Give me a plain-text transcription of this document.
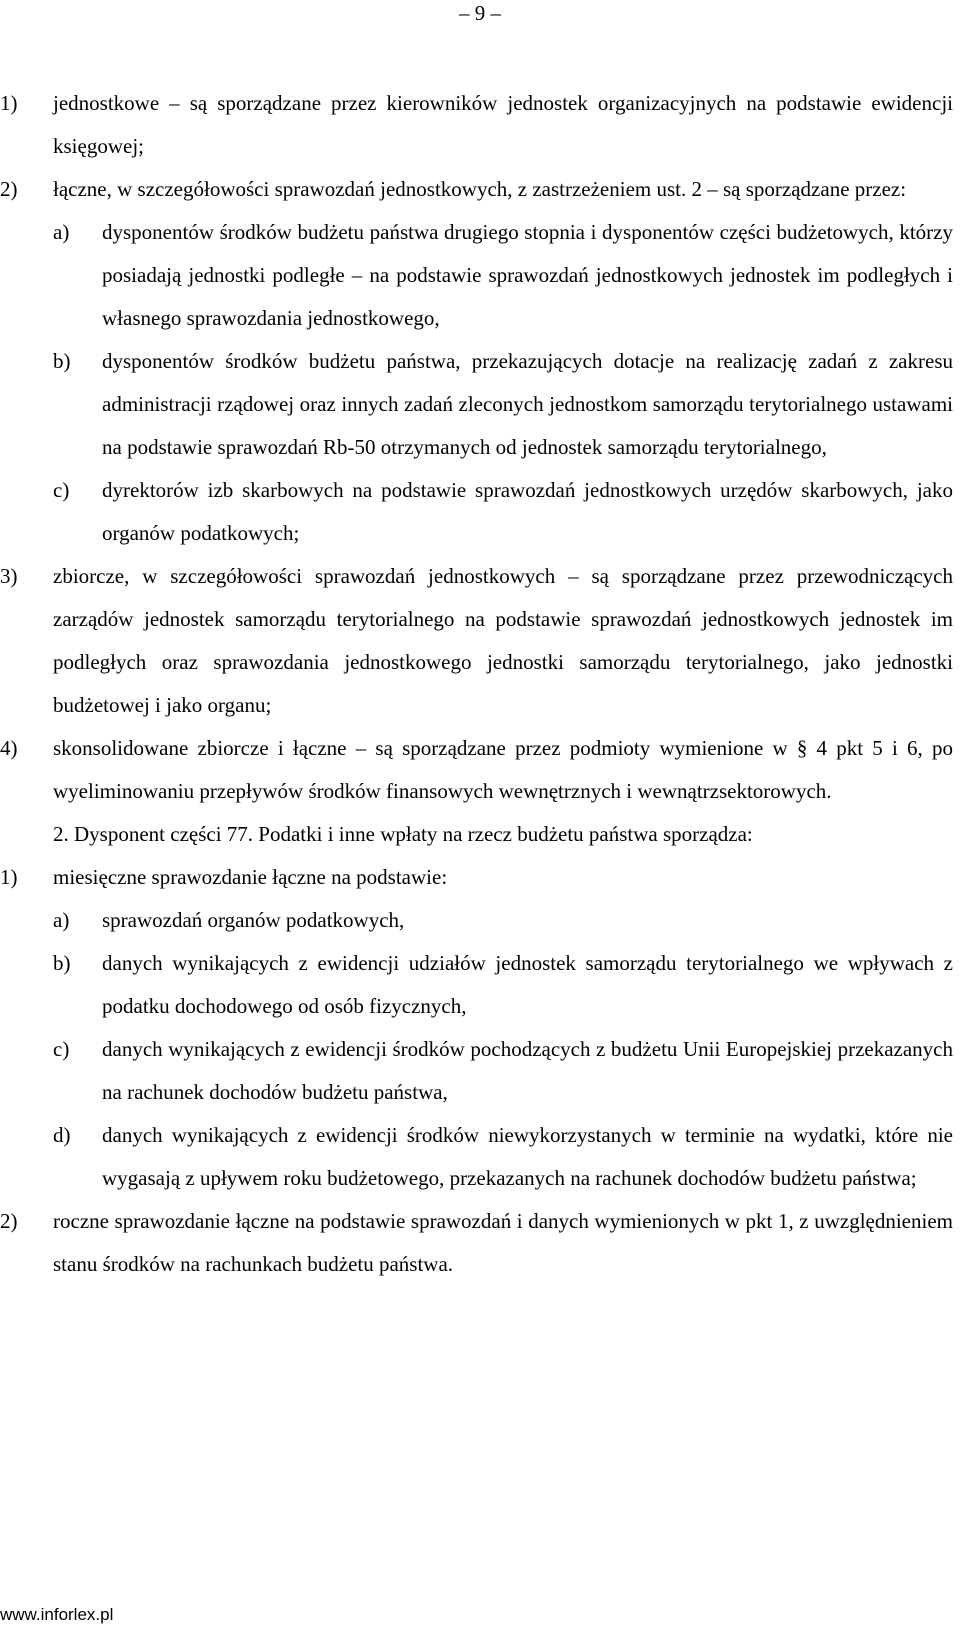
– 9 –
1) jednostkowe – są sporządzane przez kierowników jednostek organizacyjnych na podstawie ewidencji księgowej;
2) łączne, w szczegółowości sprawozdań jednostkowych, z zastrzeżeniem ust. 2 – są sporządzane przez:
a) dysponentów środków budżetu państwa drugiego stopnia i dysponentów części budżetowych, którzy posiadają jednostki podległe – na podstawie sprawozdań jednostkowych jednostek im podległych i własnego sprawozdania jednostkowego,
b) dysponentów środków budżetu państwa, przekazujących dotacje na realizację zadań z zakresu administracji rządowej oraz innych zadań zleconych jednostkom samorządu terytorialnego ustawami na podstawie sprawozdań Rb-50 otrzymanych od jednostek samorządu terytorialnego,
c) dyrektorów izb skarbowych na podstawie sprawozdań jednostkowych urzędów skarbowych, jako organów podatkowych;
3) zbiorcze, w szczegółowości sprawozdań jednostkowych – są sporządzane przez przewodniczących zarządów jednostek samorządu terytorialnego na podstawie sprawozdań jednostkowych jednostek im podległych oraz sprawozdania jednostkowego jednostki samorządu terytorialnego, jako jednostki budżetowej i jako organu;
4) skonsolidowane zbiorcze i łączne – są sporządzane przez podmioty wymienione w § 4 pkt 5 i 6, po wyeliminowaniu przepływów środków finansowych wewnętrznych i wewnątrzsektorowych.
2. Dysponent części 77. Podatki i inne wpłaty na rzecz budżetu państwa sporządza:
1) miesięczne sprawozdanie łączne na podstawie:
a) sprawozdań organów podatkowych,
b) danych wynikających z ewidencji udziałów jednostek samorządu terytorialnego we wpływach z podatku dochodowego od osób fizycznych,
c) danych wynikających z ewidencji środków pochodzących z budżetu Unii Europejskiej przekazanych na rachunek dochodów budżetu państwa,
d) danych wynikających z ewidencji środków niewykorzystanych w terminie na wydatki, które nie wygasają z upływem roku budżetowego, przekazanych na rachunek dochodów budżetu państwa;
2) roczne sprawozdanie łączne na podstawie sprawozdań i danych wymienionych w pkt 1, z uwzględnieniem stanu środków na rachunkach budżetu państwa.
www.inforlex.pl
